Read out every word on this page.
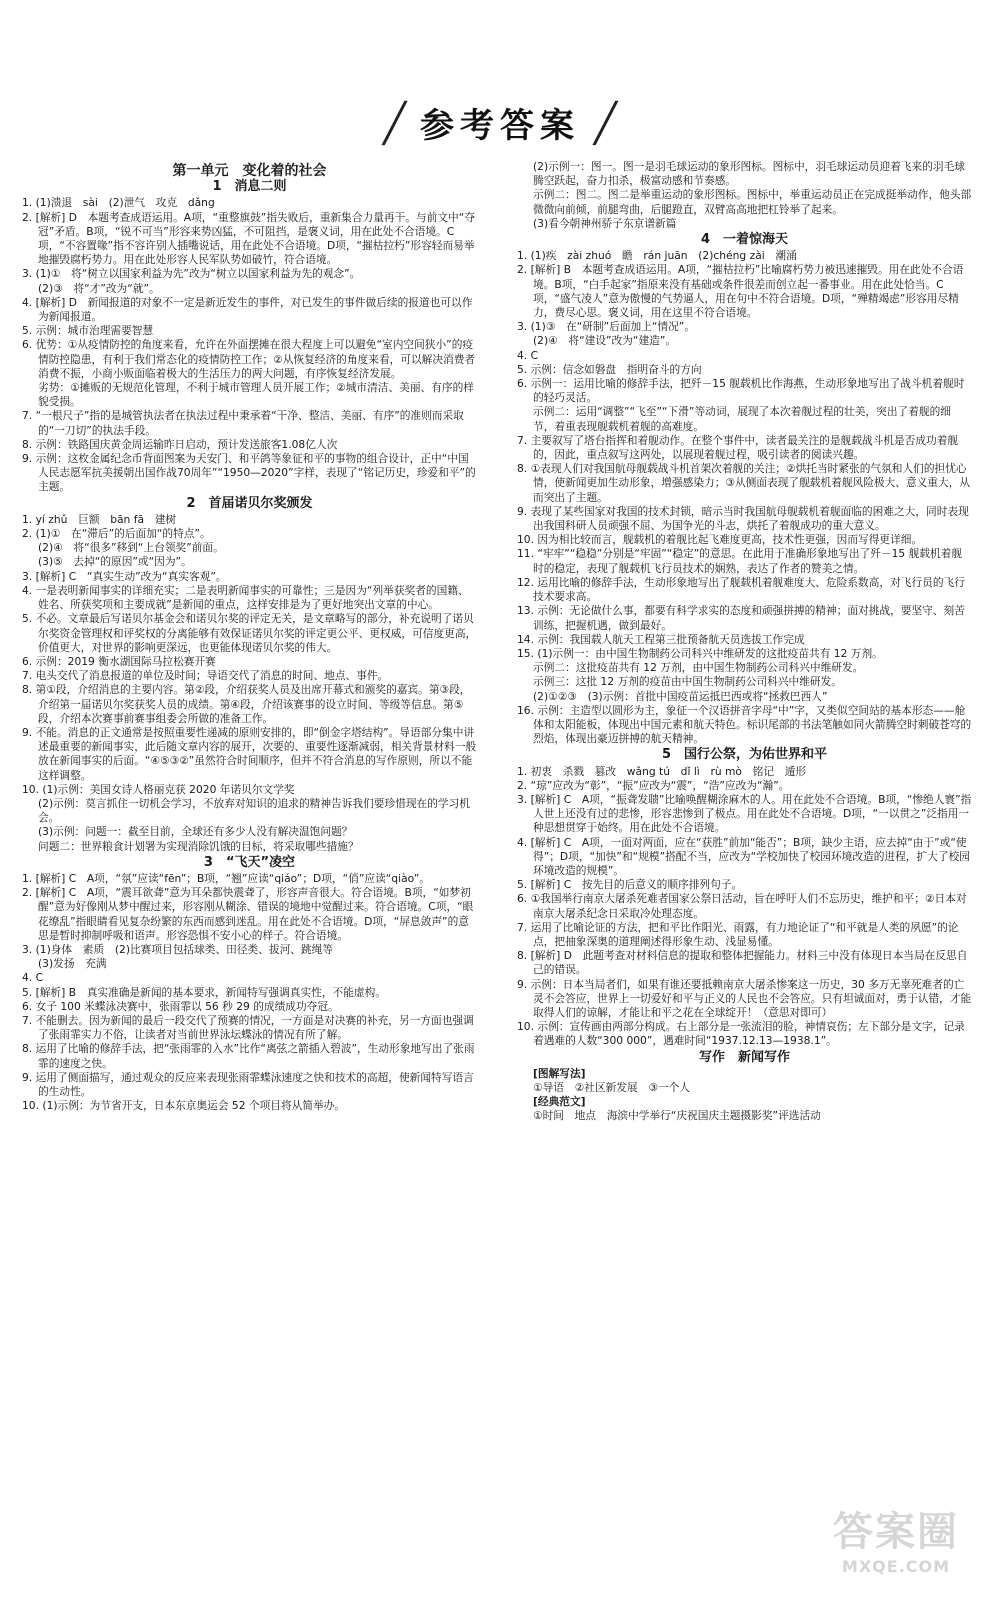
╱ 参考答案 ╱
第一单元　变化着的社会
1　消息二则

1. (1)溃退　sài　(2)泄气　攻克　dǎng

2. [解析] D　本题考查成语运用。A项，“重整旗鼓”指失败后，重新集合力量再干。与前文中“夺冠”矛盾。B项，“锐不可当”形容来势凶猛，不可阻挡，是褒义词，用在此处不合语境。C项，“不容置喙”指不容许别人插嘴说话，用在此处不合语境。D项，“摧枯拉朽”形容轻而易举地摧毁腐朽势力。用在此处形容人民军队势如破竹，符合语境。

3. (1)①　将“树立以国家利益为先”改为“树立以国家利益为先的观念”。

(2)③　将“才”改为“就”。

4. [解析] D　新闻报道的对象不一定是新近发生的事件，对已发生的事件做后续的报道也可以作为新闻报道。

5. 示例：城市治理需要智慧

6. 优势：①从疫情防控的角度来看，允许在外面摆摊在很大程度上可以避免“室内空间狭小”的疫情防控隐患，有利于我们常态化的疫情防控工作；②从恢复经济的角度来看，可以解决消费者消费不振，小商小贩面临着极大的生活压力的两大问题，有序恢复经济发展。

劣势：①摊贩的无规范化管理，不利于城市管理人员开展工作；②城市清洁、美丽、有序的样貌受损。

7. “一根尺子”指的是城管执法者在执法过程中秉承着“干净、整洁、美丽、有序”的准则而采取的“一刀切”的执法手段。

8. 示例：铁路国庆黄金周运输昨日启动，预计发送旅客1.08亿人次

9. 示例：这枚金属纪念币背面图案为天安门、和平鸽等象征和平的事物的组合设计，正中“中国人民志愿军抗美援朝出国作战70周年”“1950—2020”字样，表现了“铭记历史，珍爱和平”的主题。

2　首届诺贝尔奖颁发

1. yí zhǔ　巨额　bān fā　建树

2. (1)①　在“滞后”的后面加“的特点”。

(2)④　将“很多”移到“上台领奖”前面。

(3)⑤　去掉“的原因”或“因为”。

3. [解析] C　“真实生动”改为“真实客观”。

4. 一是表明新闻事实的详细充实；二是表明新闻事实的可靠性；三是因为“列举获奖者的国籍、姓名、所获奖项和主要成就”是新闻的重点，这样安排是为了更好地突出文章的中心。

5. 不必。文章最后写诺贝尔基金会和诺贝尔奖的评定无关，是文章略写的部分，补充说明了诺贝尔奖资金管理权和评奖权的分离能够有效保证诺贝尔奖的评定更公平、更权威，可信度更高，价值更大，对世界的影响更深远，也更能体现诺贝尔奖的伟大。

6. 示例：2019 衡水湖国际马拉松赛开赛

7. 电头交代了消息报道的单位及时间；导语交代了消息的时间、地点、事件。

8. 第①段，介绍消息的主要内容。第②段，介绍获奖人员及出席开幕式和颁奖的嘉宾。第③段，介绍第一届诺贝尔奖获奖人员的成绩。第④段，介绍该赛事的设立时间、等级等信息。第⑤段，介绍本次赛事前赛事组委会所做的准备工作。

9. 不能。消息的正文通常是按照重要性递减的原则安排的，即“倒金字塔结构”。导语部分集中讲述最重要的新闻事实，此后随文章内容的展开，次要的、重要性逐渐减弱，相关背景材料一般放在新闻事实的后面。“④⑤③②”虽然符合时间顺序，但并不符合消息的写作原则，所以不能这样调整。

10. (1)示例：美国女诗人格丽克获 2020 年诺贝尔文学奖

(2)示例：莫言抓住一切机会学习，不放弃对知识的追求的精神告诉我们要珍惜现在的学习机会。

(3)示例：问题一：截至目前，全球还有多少人没有解决温饱问题？

问题二：世界粮食计划署为实现消除饥饿的目标，将采取哪些措施？

3　“飞天”凌空

1. [解析] C　A项，“氛”应读“fēn”；B项，“翘”应读“qiáo”；D项，“俏”应读“qiào”。

2. [解析] C　A项，“震耳欲聋”意为耳朵都快震聋了，形容声音很大。符合语境。B项，“如梦初醒”意为好像刚从梦中醒过来，形容刚从糊涂、错误的境地中觉醒过来。符合语境。C项，“眼花缭乱”指眼睛看见复杂纷繁的东西而感到迷乱。用在此处不合语境。D项，“屏息敛声”的意思是暂时抑制呼吸和语声。形容恐惧不安小心的样子。符合语境。

3. (1)身体　素质　(2)比赛项目包括球类、田径类、拔河、跳绳等

(3)发扬　充满

4. C

5. [解析] B　真实准确是新闻的基本要求，新闻特写强调真实性，不能虚构。

6. 女子 100 米蝶泳决赛中，张雨霏以 56 秒 29 的成绩成功夺冠。

7. 不能删去。因为新闻的最后一段交代了预赛的情况，一方面是对决赛的补充，另一方面也强调了张雨霏实力不俗，让读者对当前世界泳坛蝶泳的情况有所了解。

8. 运用了比喻的修辞手法，把“张雨霏的入水”比作“离弦之箭插入碧波”，生动形象地写出了张雨霏的速度之快。

9. 运用了侧面描写，通过观众的反应来表现张雨霏蝶泳速度之快和技术的高超，使新闻特写语言的生动性。

10. (1)示例：为节省开支，日本东京奥运会 52 个项目将从简举办。

(2)示例一：图一。图一是羽毛球运动的象形图标。图标中，羽毛球运动员迎着飞来的羽毛球腾空跃起，奋力扣杀，极富动感和节奏感。

示例二：图二。图二是举重运动的象形图标。图标中，举重运动员正在完成挺举动作，他头部微微向前倾，前腿弯曲，后腿蹬直，双臂高高地把杠铃举了起来。

(3)看今朝神州骄子东京谱新篇

4　一着惊海天

1. (1)疾　zài zhuó　瞻　rán juān　(2)chéng zài　潮涌

2. [解析] B　本题考查成语运用。A项，“摧枯拉朽”比喻腐朽势力被迅速摧毁。用在此处不合语境。B项，“白手起家”指原来没有基础或条件很差而创立起一番事业。用在此处恰当。C项，“盛气凌人”意为傲慢的气势逼人，用在句中不符合语境。D项，“殚精竭虑”形容用尽精力，费尽心思。褒义词，用在这里不符合语境。

3. (1)③　在“研制”后面加上“情况”。

(2)④　将“建设”改为“建造”。

4. C

5. 示例：信念如磐盘　指明奋斗的方向

6. 示例一：运用比喻的修辞手法，把歼－15 舰载机比作海燕，生动形象地写出了战斗机着舰时的轻巧灵活。

示例二：运用“调整”“飞至”“下滑”等动词，展现了本次着舰过程的壮美，突出了着舰的细节，着重表现舰载机着舰的高难度。

7. 主要叙写了塔台指挥和着舰动作。在整个事件中，读者最关注的是舰载战斗机是否成功着舰的，因此，重点叙写这两处，以展现着舰过程，吸引读者的阅读兴趣。

8. ①表现人们对我国航母舰载战斗机首架次着舰的关注；②烘托当时紧张的气氛和人们的担忧心情，使新闻更加生动形象，增强感染力；③从侧面表现了舰载机着舰风险极大、意义重大，从而突出了主题。

9. 表现了某些国家对我国的技术封锁，暗示当时我国航母舰载机着舰面临的困难之大，同时表现出我国科研人员顽强不屈、为国争光的斗志，烘托了着舰成功的重大意义。

10. 因为相比较而言，舰载机的着舰比起飞难度更高，技术性更强，因而写得更详细。

11. “牢牢”“稳稳”分别是“牢固”“稳定”的意思。在此用于准确形象地写出了歼－15 舰载机着舰时的稳定，表现了舰载机飞行员技术的娴熟，表达了作者的赞美之情。

12. 运用比喻的修辞手法，生动形象地写出了舰载机着舰难度大、危险系数高，对飞行员的飞行技术要求高。

13. 示例：无论做什么事，都要有科学求实的态度和顽强拼搏的精神；面对挑战，要坚守、刻苦训练，把握机遇，做到最好。

14. 示例：我国载人航天工程第三批预备航天员选拔工作完成

15. (1)示例一：由中国生物制药公司科兴中维研发的这批疫苗共有 12 万剂。

示例二：这批疫苗共有 12 万剂，由中国生物制药公司科兴中维研发。

示例三：这批 12 万剂的疫苗由中国生物制药公司科兴中维研发。

(2)①②③　(3)示例：首批中国疫苗运抵巴西或将“拯救巴西人”

16. 示例：主造型以圆形为主，象征一个汉语拼音字母“中”字，又类似空间站的基本形态——舱体和太阳能板，体现出中国元素和航天特色。标识尾部的书法笔触如同火箭腾空时刺破苍穹的烈焰，体现出豪迈拼搏的航天精神。

5　国行公祭，为佑世界和平

1. 初衷　杀戮　篡改　wǎng tú　dǐ lì　rù mò　铭记　遁形

2. “琼”应改为“彰”，“振”应改为“震”，“浩”应改为“瀚”。

3. [解析] C　A项，“振聋发聩”比喻唤醒糊涂麻木的人。用在此处不合语境。B项，“惨绝人寰”指人世上还没有过的悲惨，形容悲惨到了极点。用在此处不合语境。D项，“一以贯之”泛指用一种思想贯穿于始终。用在此处不合语境。

4. [解析] C　A项，一面对两面，应在“获胜”前加“能否”；B项，缺少主语，应去掉“由于”或“使得”；D项，“加快”和“规模”搭配不当，应改为“学校加快了校园环境改造的进程，扩大了校园环境改造的规模”。

5. [解析] C　按先目的后意义的顺序排列句子。

6. ①我国举行南京大屠杀死难者国家公祭日活动，旨在呼吁人们不忘历史，维护和平；②日本对南京大屠杀纪念日采取冷处理态度。

7. 运用了比喻论证的方法，把和平比作阳光、雨露，有力地论证了“和平就是人类的夙愿”的论点，把抽象深奥的道理阐述得形象生动、浅显易懂。

8. [解析] D　此题考查对材料信息的提取和整体把握能力。材料三中没有体现日本当局在反思自己的错误。

9. 示例：日本当局者们，如果有谁还要抵赖南京大屠杀惨案这一历史，30 多万无辜死难者的亡灵不会答应，世界上一切爱好和平与正义的人民也不会答应。只有坦诚面对，勇于认错，才能取得人们的谅解，才能让和平之花在全球绽开！（意思对即可）

10. 示例：宣传画由两部分构成。右上部分是一张流泪的脸，神情哀伤；左下部分是文字，记录着遇难的人数“300 000”，遇难时间“1937.12.13—1938.1”。

写作　新闻写作

[图解写法]

①导语　②社区新发展　③一个人

[经典范文]

①时间　地点　海滨中学举行“庆祝国庆主题摄影奖”评选活动

答案圈
MXQE.COM
